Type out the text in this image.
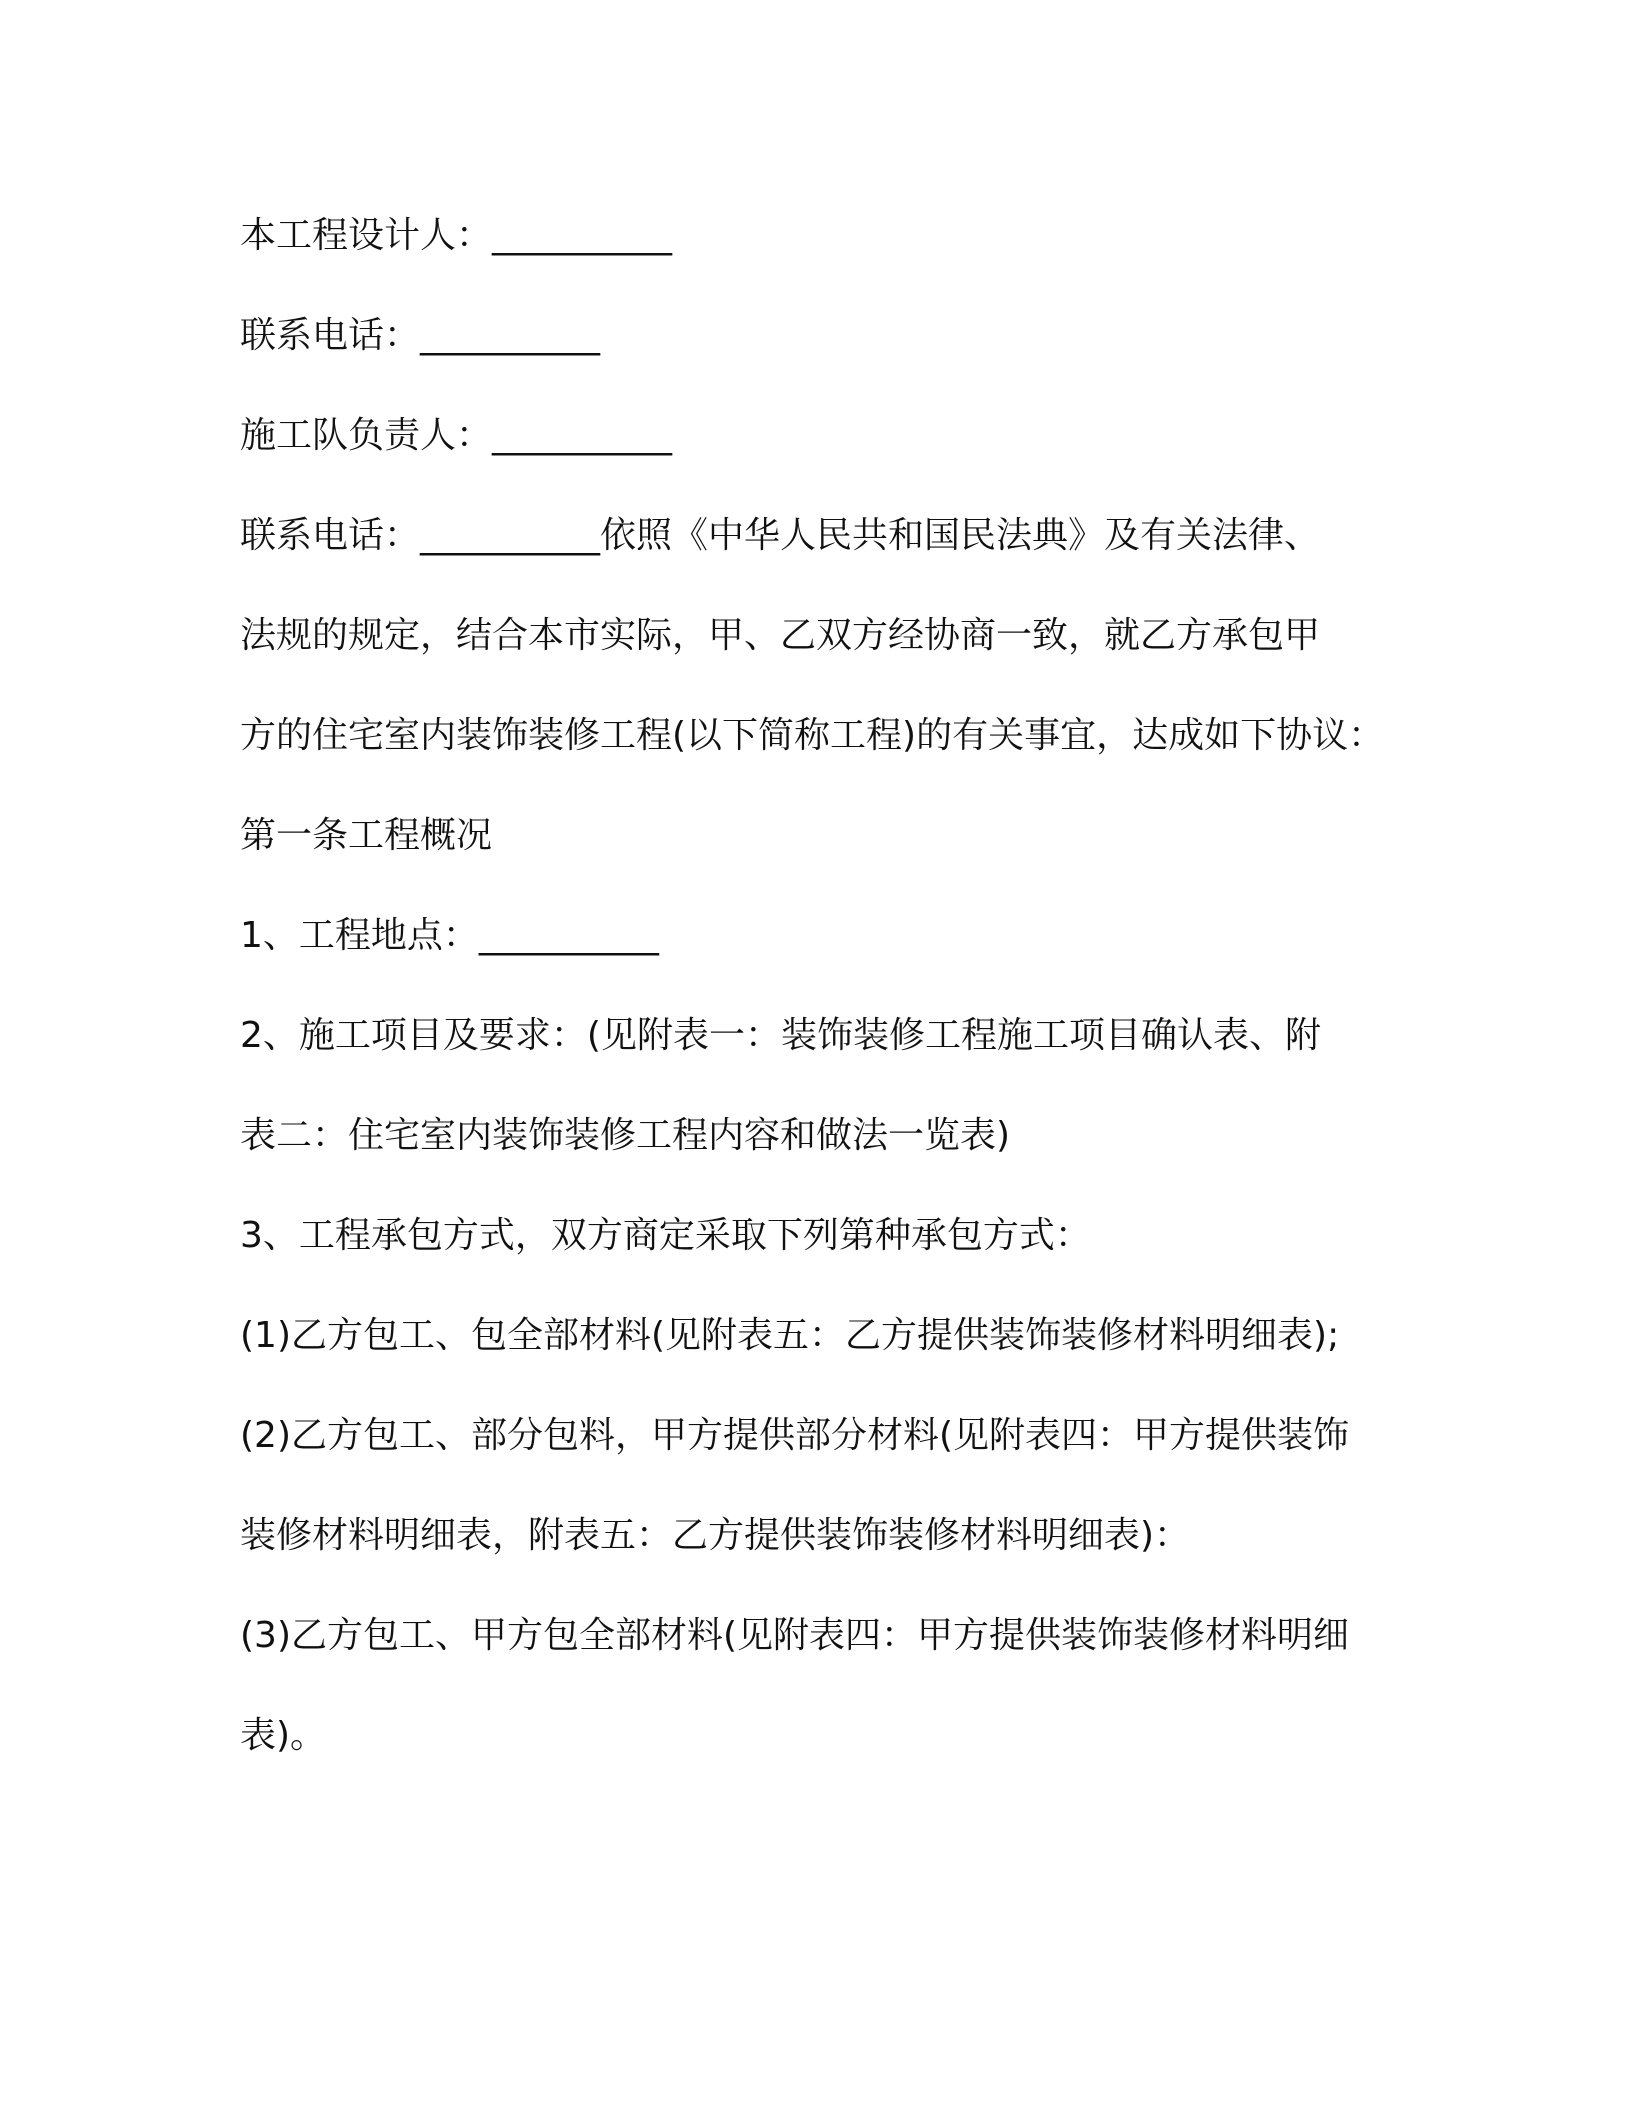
本工程设计人：__________
联系电话：__________
施工队负责人：__________
联系电话：__________依照《中华人民共和国民法典》及有关法律、
法规的规定，结合本市实际，甲、乙双方经协商一致，就乙方承包甲
方的住宅室内装饰装修工程(以下简称工程)的有关事宜，达成如下协议：
第一条工程概况
1、工程地点：__________
2、施工项目及要求：(见附表一：装饰装修工程施工项目确认表、附
表二：住宅室内装饰装修工程内容和做法一览表)
3、工程承包方式，双方商定采取下列第种承包方式：
(1)乙方包工、包全部材料(见附表五：乙方提供装饰装修材料明细表);
(2)乙方包工、部分包料，甲方提供部分材料(见附表四：甲方提供装饰
装修材料明细表，附表五：乙方提供装饰装修材料明细表)：
(3)乙方包工、甲方包全部材料(见附表四：甲方提供装饰装修材料明细
表)。
